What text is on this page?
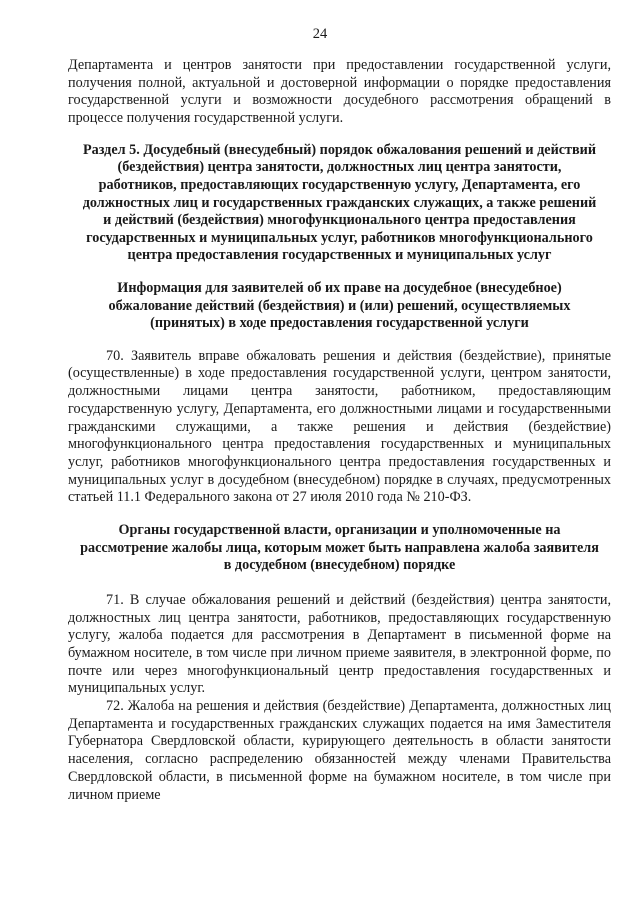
24

Департамента и центров занятости при предоставлении государственной услуги, получения полной, актуальной и достоверной информации о порядке предоставления государственной услуги и возможности досудебного рассмотрения обращений в процессе получения государственной услуги.

Раздел 5. Досудебный (внесудебный) порядок обжалования решений и действий (бездействия) центра занятости, должностных лиц центра занятости, работников, предоставляющих государственную услугу, Департамента, его должностных лиц и государственных гражданских служащих, а также решений и действий (бездействия) многофункционального центра предоставления государственных и муниципальных услуг, работников многофункционального центра предоставления государственных и муниципальных услуг

Информация для заявителей об их праве на досудебное (внесудебное) обжалование действий (бездействия) и (или) решений, осуществляемых (принятых) в ходе предоставления государственной услуги

70. Заявитель вправе обжаловать решения и действия (бездействие), принятые (осуществленные) в ходе предоставления государственной услуги, центром занятости, должностными лицами центра занятости, работником, предоставляющим государственную услугу, Департамента, его должностными лицами и государственными гражданскими служащими, а также решения и действия (бездействие) многофункционального центра предоставления государственных и муниципальных услуг, работников многофункционального центра предоставления государственных и муниципальных услуг в досудебном (внесудебном) порядке в случаях, предусмотренных статьей 11.1 Федерального закона от 27 июля 2010 года № 210-ФЗ.

Органы государственной власти, организации и уполномоченные на рассмотрение жалобы лица, которым может быть направлена жалоба заявителя в досудебном (внесудебном) порядке

71. В случае обжалования решений и действий (бездействия) центра занятости, должностных лиц центра занятости, работников, предоставляющих государственную услугу, жалоба подается для рассмотрения в Департамент в письменной форме на бумажном носителе, в том числе при личном приеме заявителя, в электронной форме, по почте или через многофункциональный центр предоставления государственных и муниципальных услуг.

72. Жалоба на решения и действия (бездействие) Департамента, должностных лиц Департамента и государственных гражданских служащих подается на имя Заместителя Губернатора Свердловской области, курирующего деятельность в области занятости населения, согласно распределению обязанностей между членами Правительства Свердловской области, в письменной форме на бумажном носителе, в том числе при личном приеме
